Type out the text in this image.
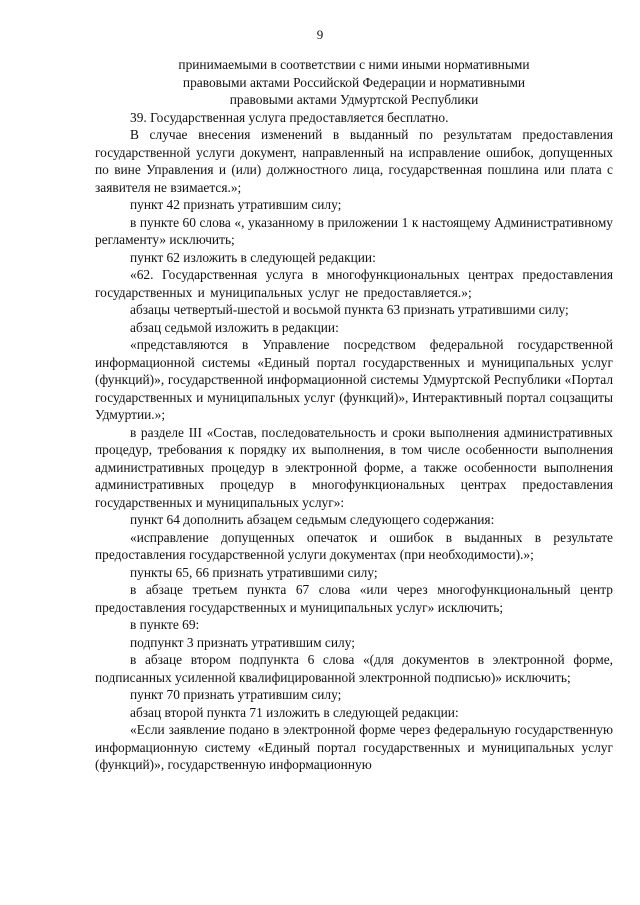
9

принимаемыми в соответствии с ними иными нормативными правовыми актами Российской Федерации и нормативными правовыми актами Удмуртской Республики

39. Государственная услуга предоставляется бесплатно.

В случае внесения изменений в выданный по результатам предоставления государственной услуги документ, направленный на исправление ошибок, допущенных по вине Управления и (или) должностного лица, государственная пошлина или плата с заявителя не взимается.»;

пункт 42 признать утратившим силу;

в пункте 60 слова «, указанному в приложении 1 к настоящему Административному регламенту» исключить;

пункт 62 изложить в следующей редакции:

«62. Государственная услуга в многофункциональных центрах предоставления государственных и муниципальных услуг не предоставляется.»;

абзацы четвертый-шестой и восьмой пункта 63 признать утратившими силу;

абзац седьмой изложить в редакции:

«представляются в Управление посредством федеральной государственной информационной системы «Единый портал государственных и муниципальных услуг (функций)», государственной информационной системы Удмуртской Республики «Портал государственных и муниципальных услуг (функций)», Интерактивный портал соцзащиты Удмуртии.»;

в разделе III «Состав, последовательность и сроки выполнения административных процедур, требования к порядку их выполнения, в том числе особенности выполнения административных процедур в электронной форме, а также особенности выполнения административных процедур в многофункциональных центрах предоставления государственных и муниципальных услуг»:

пункт 64 дополнить абзацем седьмым следующего содержания:

«исправление допущенных опечаток и ошибок в выданных в результате предоставления государственной услуги документах (при необходимости).»;

пункты 65, 66 признать утратившими силу;

в абзаце третьем пункта 67 слова «или через многофункциональный центр предоставления государственных и муниципальных услуг» исключить;

в пункте 69:

подпункт 3 признать утратившим силу;

в абзаце втором подпункта 6 слова «(для документов в электронной форме, подписанных усиленной квалифицированной электронной подписью)» исключить;

пункт 70 признать утратившим силу;

абзац второй пункта 71 изложить в следующей редакции:

«Если заявление подано в электронной форме через федеральную государственную информационную систему «Единый портал государственных и муниципальных услуг (функций)», государственную информационную
